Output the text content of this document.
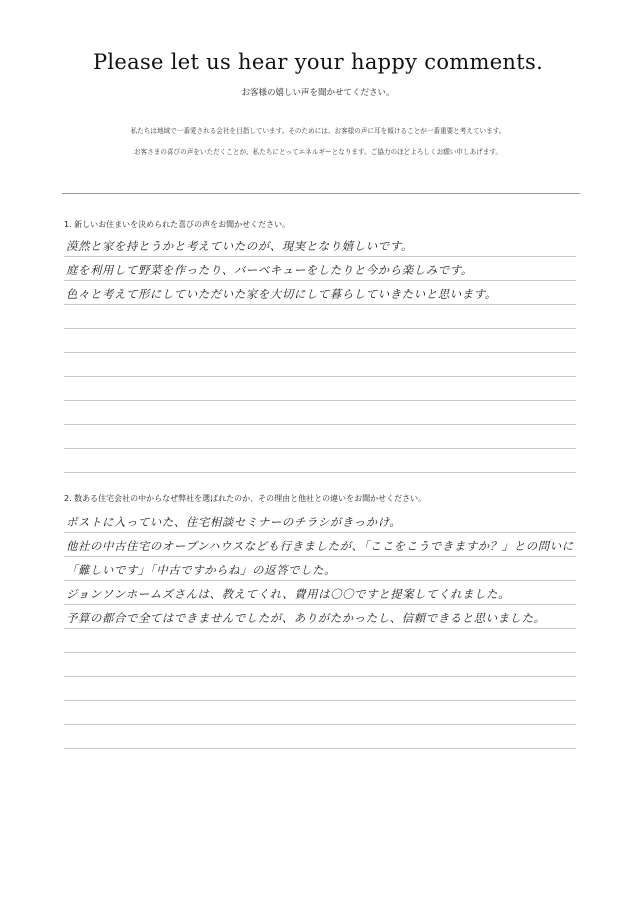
Please let us hear your happy comments.

お客様の嬉しい声を聞かせてください。

私たちは地域で一番愛される会社を目指しています。そのためには、お客様の声に耳を傾けることが一番重要と考えています。

お客さまの喜びの声をいただくことが、私たちにとってエネルギーとなります。ご協力のほどよろしくお願い申しあげます。

1. 新しいお住まいを決められた喜びの声をお聞かせください。

漠然と家を持とうかと考えていたのが、現実となり嬉しいです。

庭を利用して野菜を作ったり、バーベキューをしたりと今から楽しみです。

色々と考えて形にしていただいた家を大切にして暮らしていきたいと思います。

2. 数ある住宅会社の中からなぜ弊社を選ばれたのか、その理由と他社との違いをお聞かせください。

ポストに入っていた、住宅相談セミナーのチラシがきっかけ。

他社の中古住宅のオープンハウスなども行きましたが、「ここをこうできますか？」との問いに

「難しいです」「中古ですからね」の返答でした。

ジョンソンホームズさんは、教えてくれ、費用は〇〇ですと提案してくれました。

予算の都合で全てはできませんでしたが、ありがたかったし、信頼できると思いました。
